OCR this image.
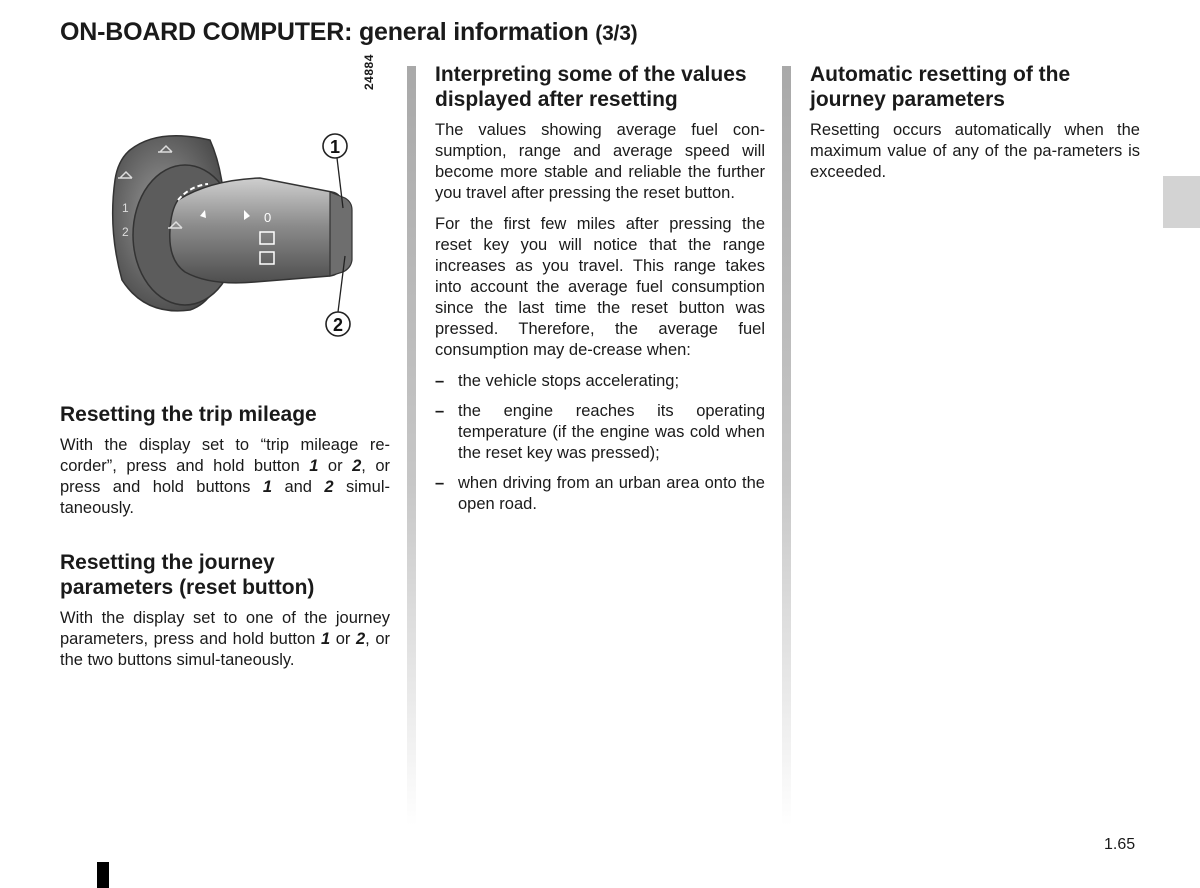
ON-BOARD COMPUTER: general information (3/3)
1
2
0
1
2
24884
Resetting the trip mileage

With the display set to “trip mileage re-corder”, press and hold button 1 or 2, or press and hold buttons 1 and 2 simul-taneously.

Resetting the journey parameters (reset button)

With the display set to one of the journey parameters, press and hold button 1 or 2, or the two buttons simul-taneously.

Interpreting some of the values displayed after resetting

The values showing average fuel con-sumption, range and average speed will become more stable and reliable the further you travel after pressing the reset button.

For the first few miles after pressing the reset key you will notice that the range increases as you travel. This range takes into account the average fuel consumption since the last time the reset button was pressed. Therefore, the average fuel consumption may de-crease when:

– the vehicle stops accelerating;
– the engine reaches its operating temperature (if the engine was cold when the reset key was pressed);
– when driving from an urban area onto the open road.
Automatic resetting of the journey parameters

Resetting occurs automatically when the maximum value of any of the pa-rameters is exceeded.

1.65
